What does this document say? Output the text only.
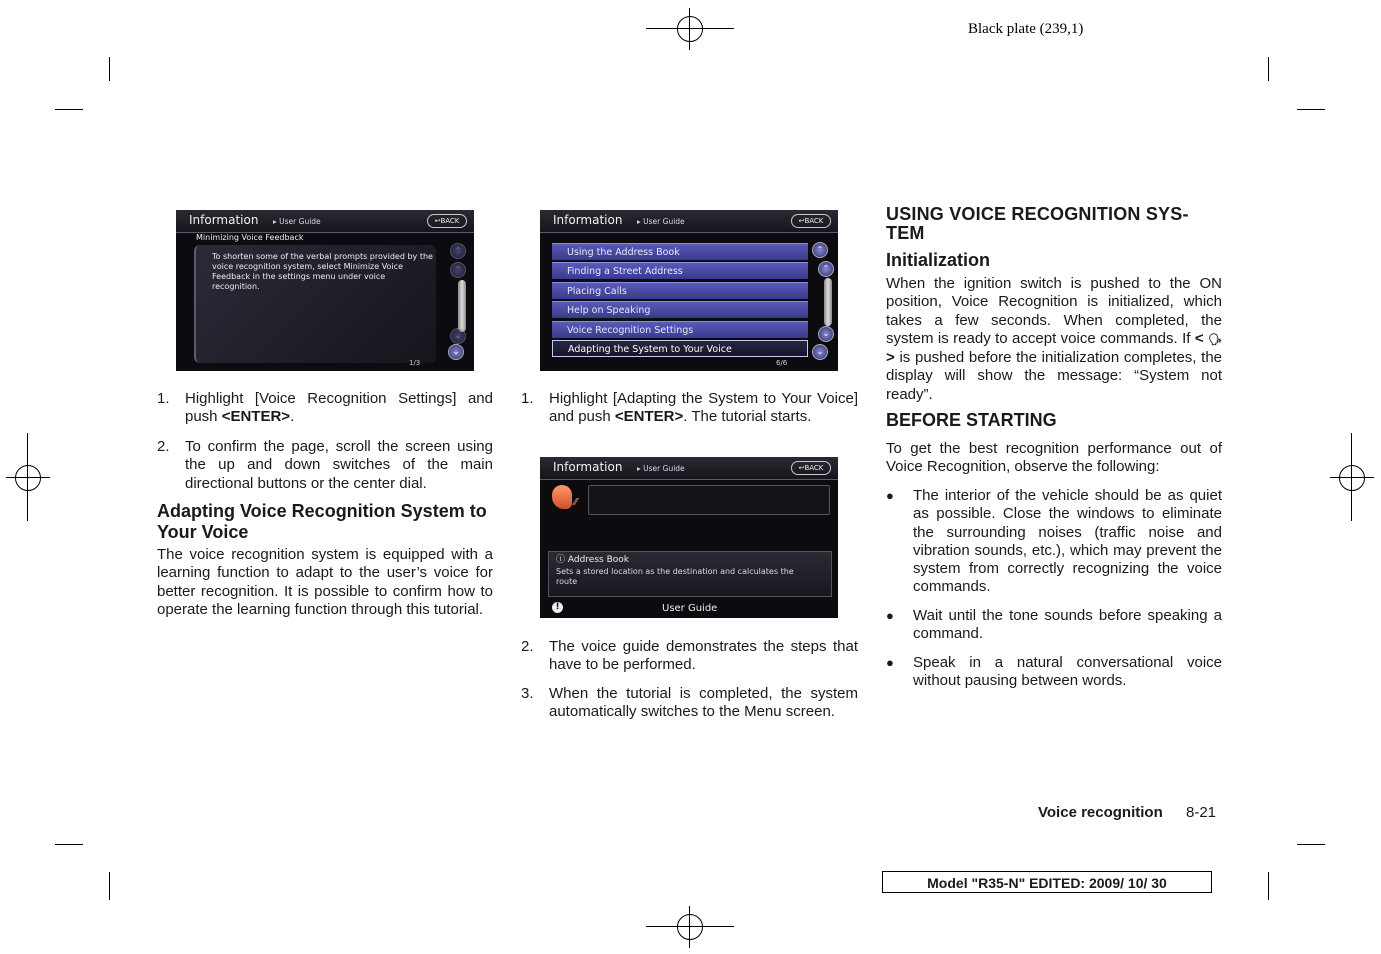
Black plate (239,1)
Information ▸ User Guide	↩BACK
Minimizing Voice Feedback
To shorten some of the verbal prompts provided by the voice recognition system, select Minimize Voice Feedback in the settings menu under voice recognition.
⌃
⌃
⌄
⌄
1/3
1. Highlight [Voice Recognition Settings] and push <ENTER>.
2. To confirm the page, scroll the screen using the up and down switches of the main directional buttons or the center dial.
Adapting Voice Recognition System to Your Voice

The voice recognition system is equipped with a learning function to adapt to the user’s voice for better recognition. It is possible to confirm how to operate the learning function through this tutorial.

Information ▸ User Guide	↩BACK
Using the Address Book
Finding a Street Address
Placing Calls
Help on Speaking
Voice Recognition Settings
Adapting the System to Your Voice
⌃
⌃
⌄
⌄
6/6
1. Highlight [Adapting the System to Your Voice] and push <ENTER>. The tutorial starts.
Information ▸ User Guide	↩BACK
⁄⁄
ⓘ Address Book
Sets a stored location as the destination and calculates the route
!	User Guide
2. The voice guide demonstrates the steps that have to be performed.
3. When the tutorial is completed, the system automatically switches to the Menu screen.
USING VOICE RECOGNITION SYS-
TEM
Initialization

When the ignition switch is pushed to the ON position, Voice Recognition is initialized, which takes a few seconds. When completed, the system is ready to accept voice commands. If < 🗣 > is pushed before the initialization completes, the display will show the message: “System not ready”.

BEFORE STARTING

To get the best recognition performance out of Voice Recognition, observe the following:

● The interior of the vehicle should be as quiet as possible. Close the windows to eliminate the surrounding noises (traffic noise and vibration sounds, etc.), which may prevent the system from correctly recognizing the voice commands.
● Wait until the tone sounds before speaking a command.
● Speak in a natural conversational voice without pausing between words.
Voice recognition 8-21
Model "R35-N" EDITED: 2009/ 10/ 30
